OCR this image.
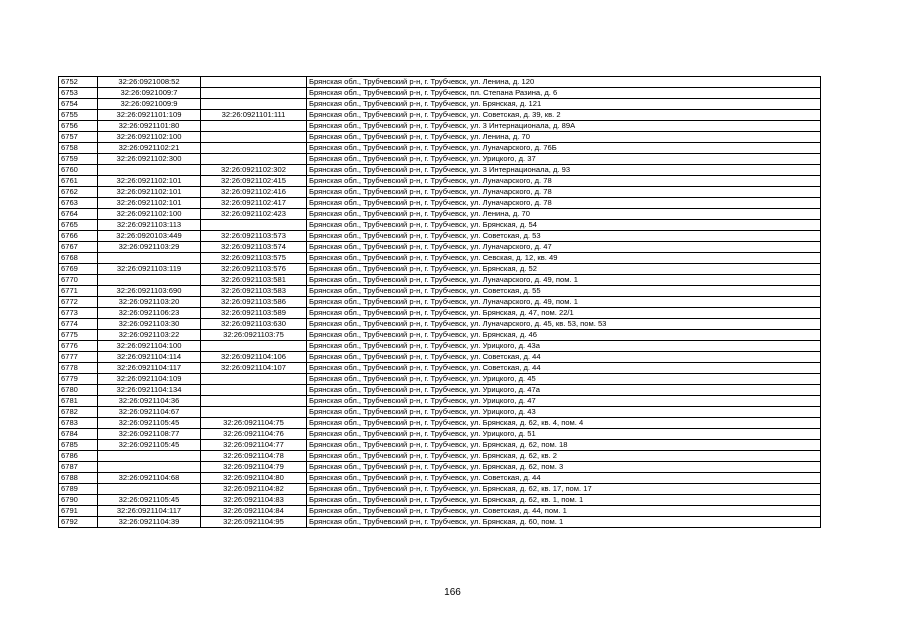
6752	32:26:0921008:52		Брянская обл., Трубчевский р-н, г. Трубчевск, ул. Ленина, д. 120
6753	32:26:0921009:7		Брянская обл., Трубчевский р-н, г. Трубчевск, пл. Степана Разина, д. 6
6754	32:26:0921009:9		Брянская обл., Трубчевский р-н, г. Трубчевск, ул. Брянская, д. 121
6755	32:26:0921101:109	32:26:0921101:111	Брянская обл., Трубчевский р-н, г. Трубчевск, ул. Советская, д. 39, кв. 2
6756	32:26:0921101:80		Брянская обл., Трубчевский р-н, г. Трубчевск, ул. 3 Интернационала, д. 89А
6757	32:26:0921102:100		Брянская обл., Трубчевский р-н, г. Трубчевск, ул. Ленина, д. 70
6758	32:26:0921102:21		Брянская обл., Трубчевский р-н, г. Трубчевск, ул. Луначарского, д. 76Б
6759	32:26:0921102:300		Брянская обл., Трубчевский р-н, г. Трубчевск, ул. Урицкого, д. 37
6760		32:26:0921102:302	Брянская обл., Трубчевский р-н, г. Трубчевск, ул. 3 Интернационала, д. 93
6761	32:26:0921102:101	32:26:0921102:415	Брянская обл., Трубчевский р-н, г. Трубчевск, ул. Луначарского, д. 78
6762	32:26:0921102:101	32:26:0921102:416	Брянская обл., Трубчевский р-н, г. Трубчевск, ул. Луначарского, д. 78
6763	32:26:0921102:101	32:26:0921102:417	Брянская обл., Трубчевский р-н, г. Трубчевск, ул. Луначарского, д. 78
6764	32:26:0921102:100	32:26:0921102:423	Брянская обл., Трубчевский р-н, г. Трубчевск, ул. Ленина, д. 70
6765	32:26:0921103:113		Брянская обл., Трубчевский р-н, г. Трубчевск, ул. Брянская, д. 54
6766	32:26:0920103:449	32:26:0921103:573	Брянская обл., Трубчевский р-н, г. Трубчевск, ул. Советская, д. 53
6767	32:26:0921103:29	32:26:0921103:574	Брянская обл., Трубчевский р-н, г. Трубчевск, ул. Луначарского, д. 47
6768		32:26:0921103:575	Брянская обл., Трубчевский р-н, г. Трубчевск, ул. Севская, д. 12, кв. 49
6769	32:26:0921103:119	32:26:0921103:576	Брянская обл., Трубчевский р-н, г. Трубчевск, ул. Брянская, д. 52
6770		32:26:0921103:581	Брянская обл., Трубчевский р-н, г. Трубчевск, ул. Луначарского, д. 49, пом. 1
6771	32:26:0921103:690	32:26:0921103:583	Брянская обл., Трубчевский р-н, г. Трубчевск, ул. Советская, д. 55
6772	32:26:0921103:20	32:26:0921103:586	Брянская обл., Трубчевский р-н, г. Трубчевск, ул. Луначарского, д. 49, пом. 1
6773	32:26:0921106:23	32:26:0921103:589	Брянская обл., Трубчевский р-н, г. Трубчевск, ул. Брянская, д. 47, пом. 22/1
6774	32:26:0921103:30	32:26:0921103:630	Брянская обл., Трубчевский р-н, г. Трубчевск, ул. Луначарского, д. 45, кв. 53, пом. 53
6775	32:26:0921103:22	32:26:0921103:75	Брянская обл., Трубчевский р-н, г. Трубчевск, ул. Брянская, д. 46
6776	32:26:0921104:100		Брянская обл., Трубчевский р-н, г. Трубчевск, ул. Урицкого, д. 43а
6777	32:26:0921104:114	32:26:0921104:106	Брянская обл., Трубчевский р-н, г. Трубчевск, ул. Советская, д. 44
6778	32:26:0921104:117	32:26:0921104:107	Брянская обл., Трубчевский р-н, г. Трубчевск, ул. Советская, д. 44
6779	32:26:0921104:109		Брянская обл., Трубчевский р-н, г. Трубчевск, ул. Урицкого, д. 45
6780	32:26:0921104:134		Брянская обл., Трубчевский р-н, г. Трубчевск, ул. Урицкого, д. 47а
6781	32:26:0921104:36		Брянская обл., Трубчевский р-н, г. Трубчевск, ул. Урицкого, д. 47
6782	32:26:0921104:67		Брянская обл., Трубчевский р-н, г. Трубчевск, ул. Урицкого, д. 43
6783	32:26:0921105:45	32:26:0921104:75	Брянская обл., Трубчевский р-н, г. Трубчевск, ул. Брянская, д. 62, кв. 4, пом. 4
6784	32:26:0921108:77	32:26:0921104:76	Брянская обл., Трубчевский р-н, г. Трубчевск, ул. Урицкого, д. 51
6785	32:26:0921105:45	32:26:0921104:77	Брянская обл., Трубчевский р-н, г. Трубчевск, ул. Брянская, д. 62, пом. 18
6786		32:26:0921104:78	Брянская обл., Трубчевский р-н, г. Трубчевск, ул. Брянская, д. 62, кв. 2
6787		32:26:0921104:79	Брянская обл., Трубчевский р-н, г. Трубчевск, ул. Брянская, д. 62, пом. 3
6788	32:26:0921104:68	32:26:0921104:80	Брянская обл., Трубчевский р-н, г. Трубчевск, ул. Советская, д. 44
6789		32:26:0921104:82	Брянская обл., Трубчевский р-н, г. Трубчевск, ул. Брянская, д. 62, кв. 17, пом. 17
6790	32:26:0921105:45	32:26:0921104:83	Брянская обл., Трубчевский р-н, г. Трубчевск, ул. Брянская, д. 62, кв. 1, пом. 1
6791	32:26:0921104:117	32:26:0921104:84	Брянская обл., Трубчевский р-н, г. Трубчевск, ул. Советская, д. 44, пом. 1
6792	32:26:0921104:39	32:26:0921104:95	Брянская обл., Трубчевский р-н, г. Трубчевск, ул. Брянская, д. 60, пом. 1
166
